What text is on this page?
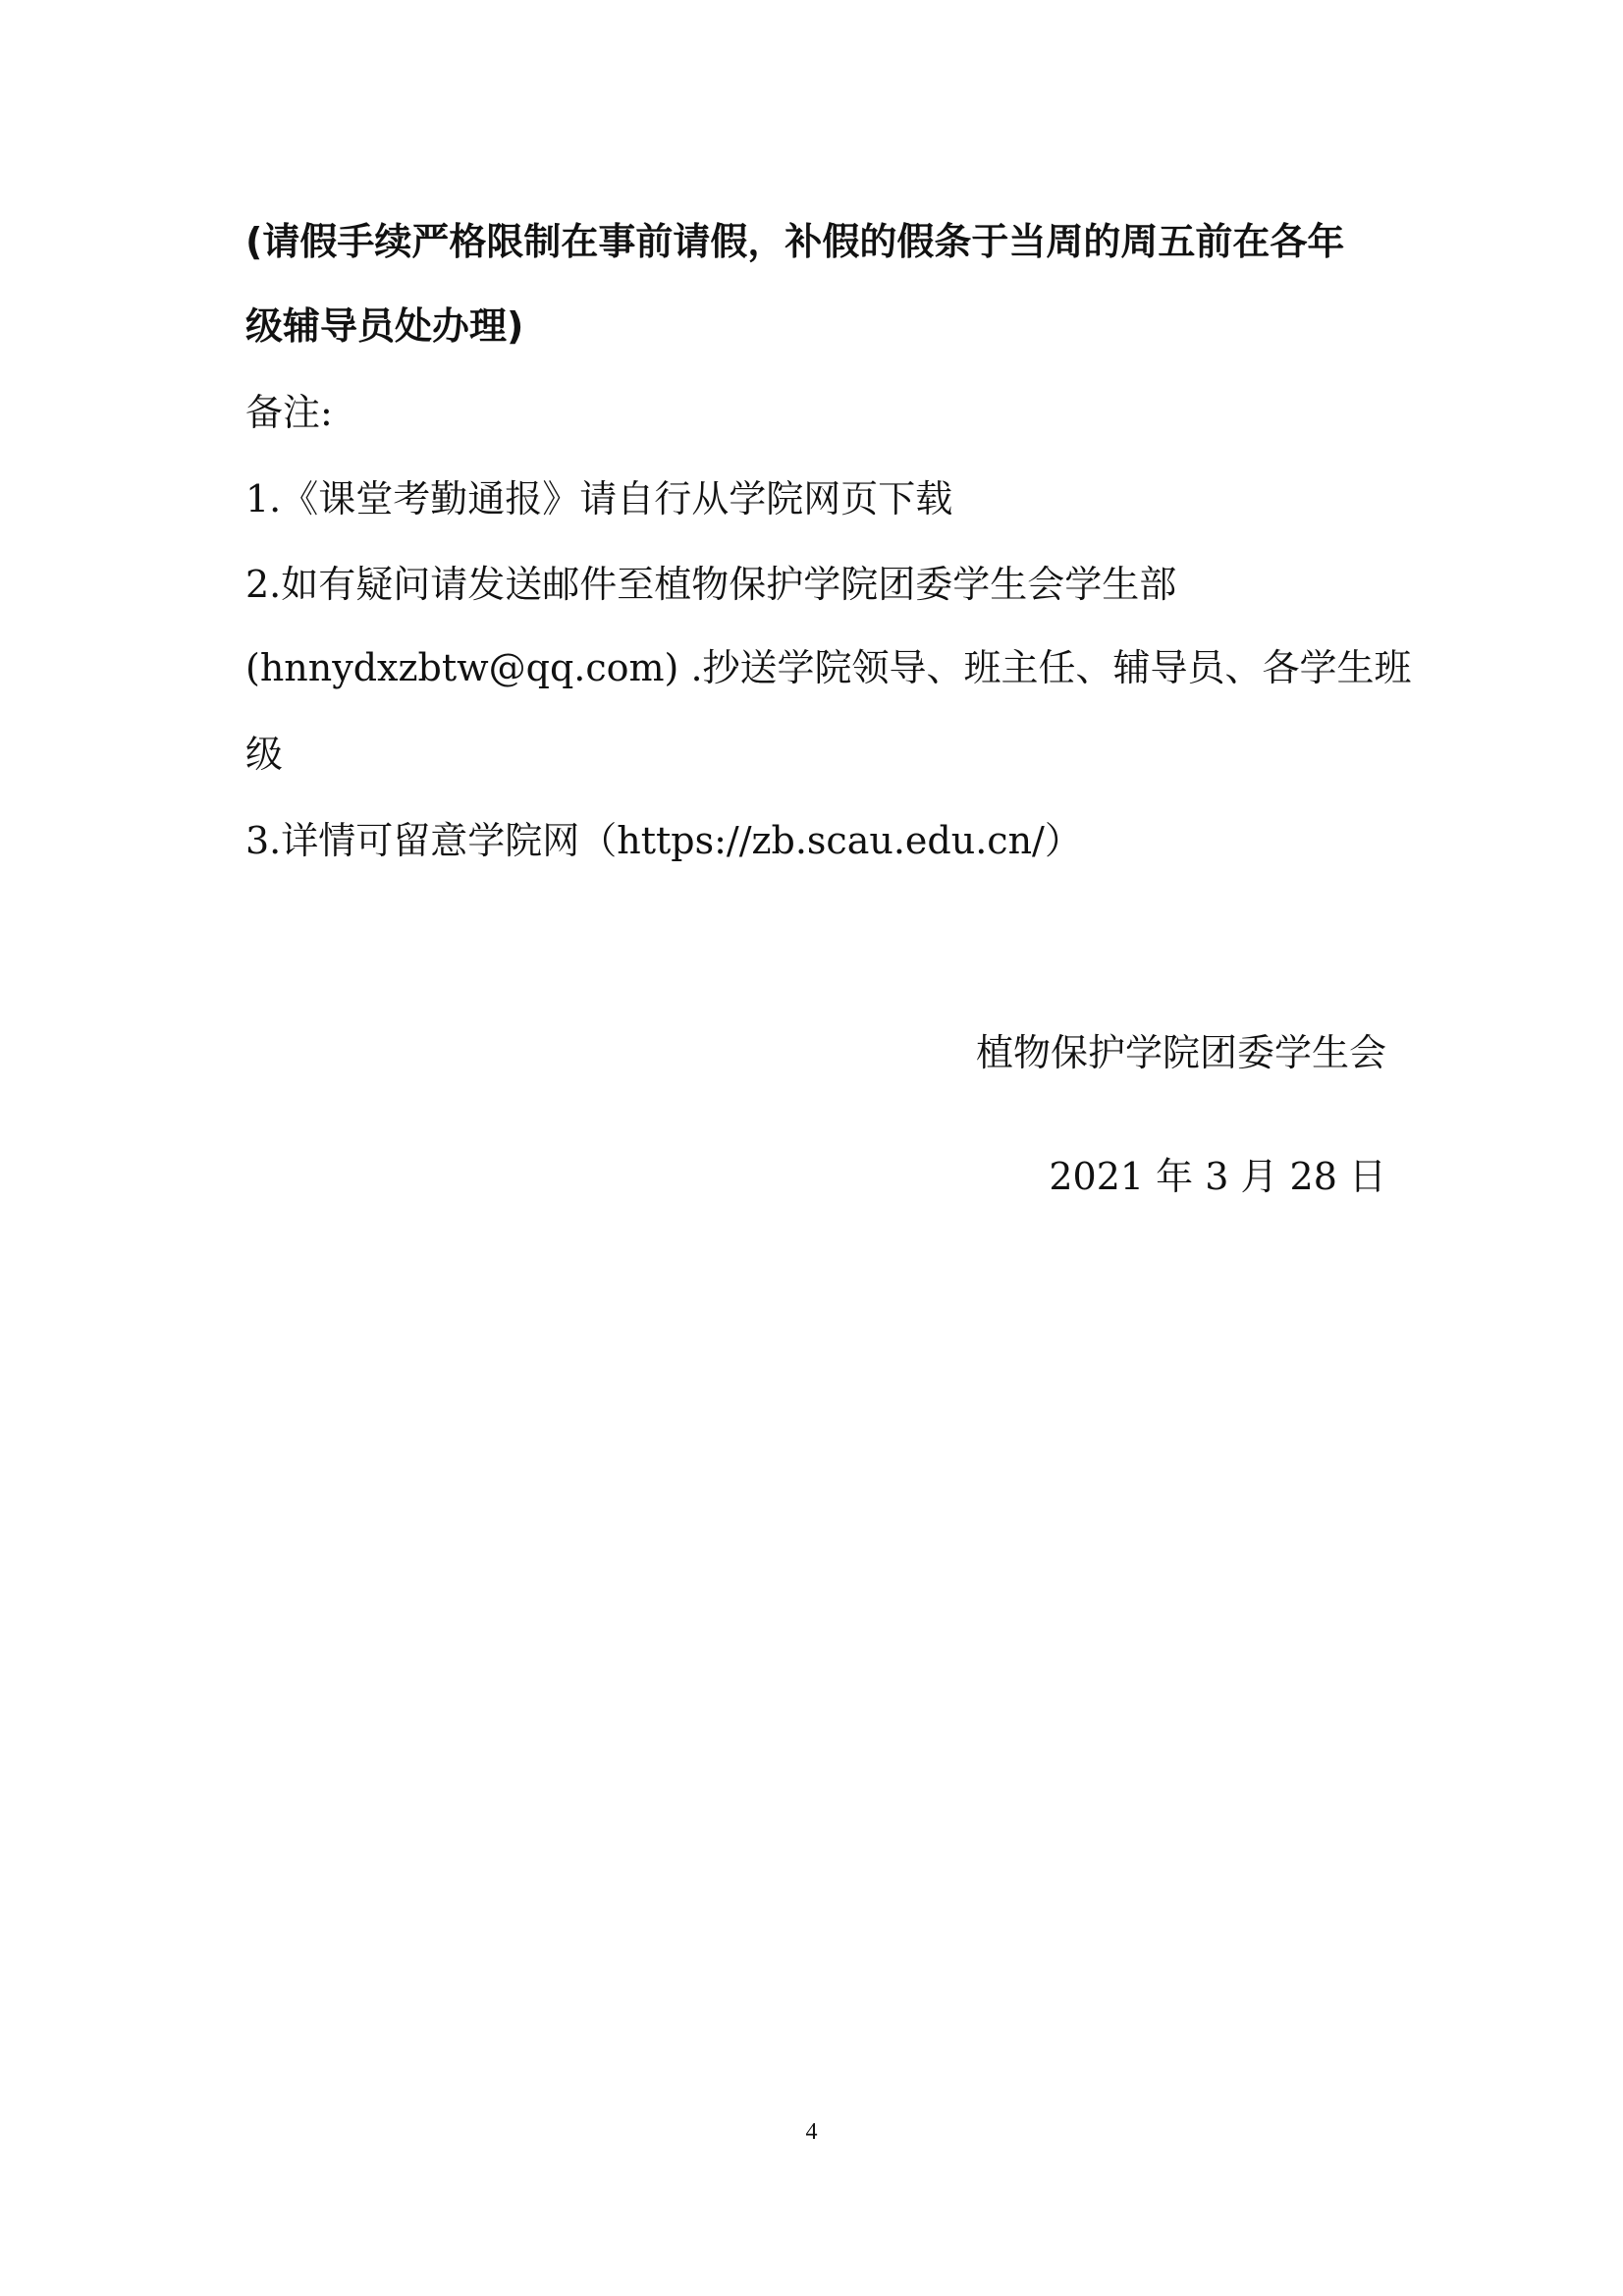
(请假手续严格限制在事前请假，补假的假条于当周的周五前在各年
级辅导员处办理)
备注:
1.《课堂考勤通报》请自行从学院网页下载
2.如有疑问请发送邮件至植物保护学院团委学生会学生部
(hnnydxzbtw@qq.com) .抄送学院领导、班主任、辅导员、各学生班
级
3.详情可留意学院网（https://zb.scau.edu.cn/）
植物保护学院团委学生会
2021 年 3 月 28 日
4
